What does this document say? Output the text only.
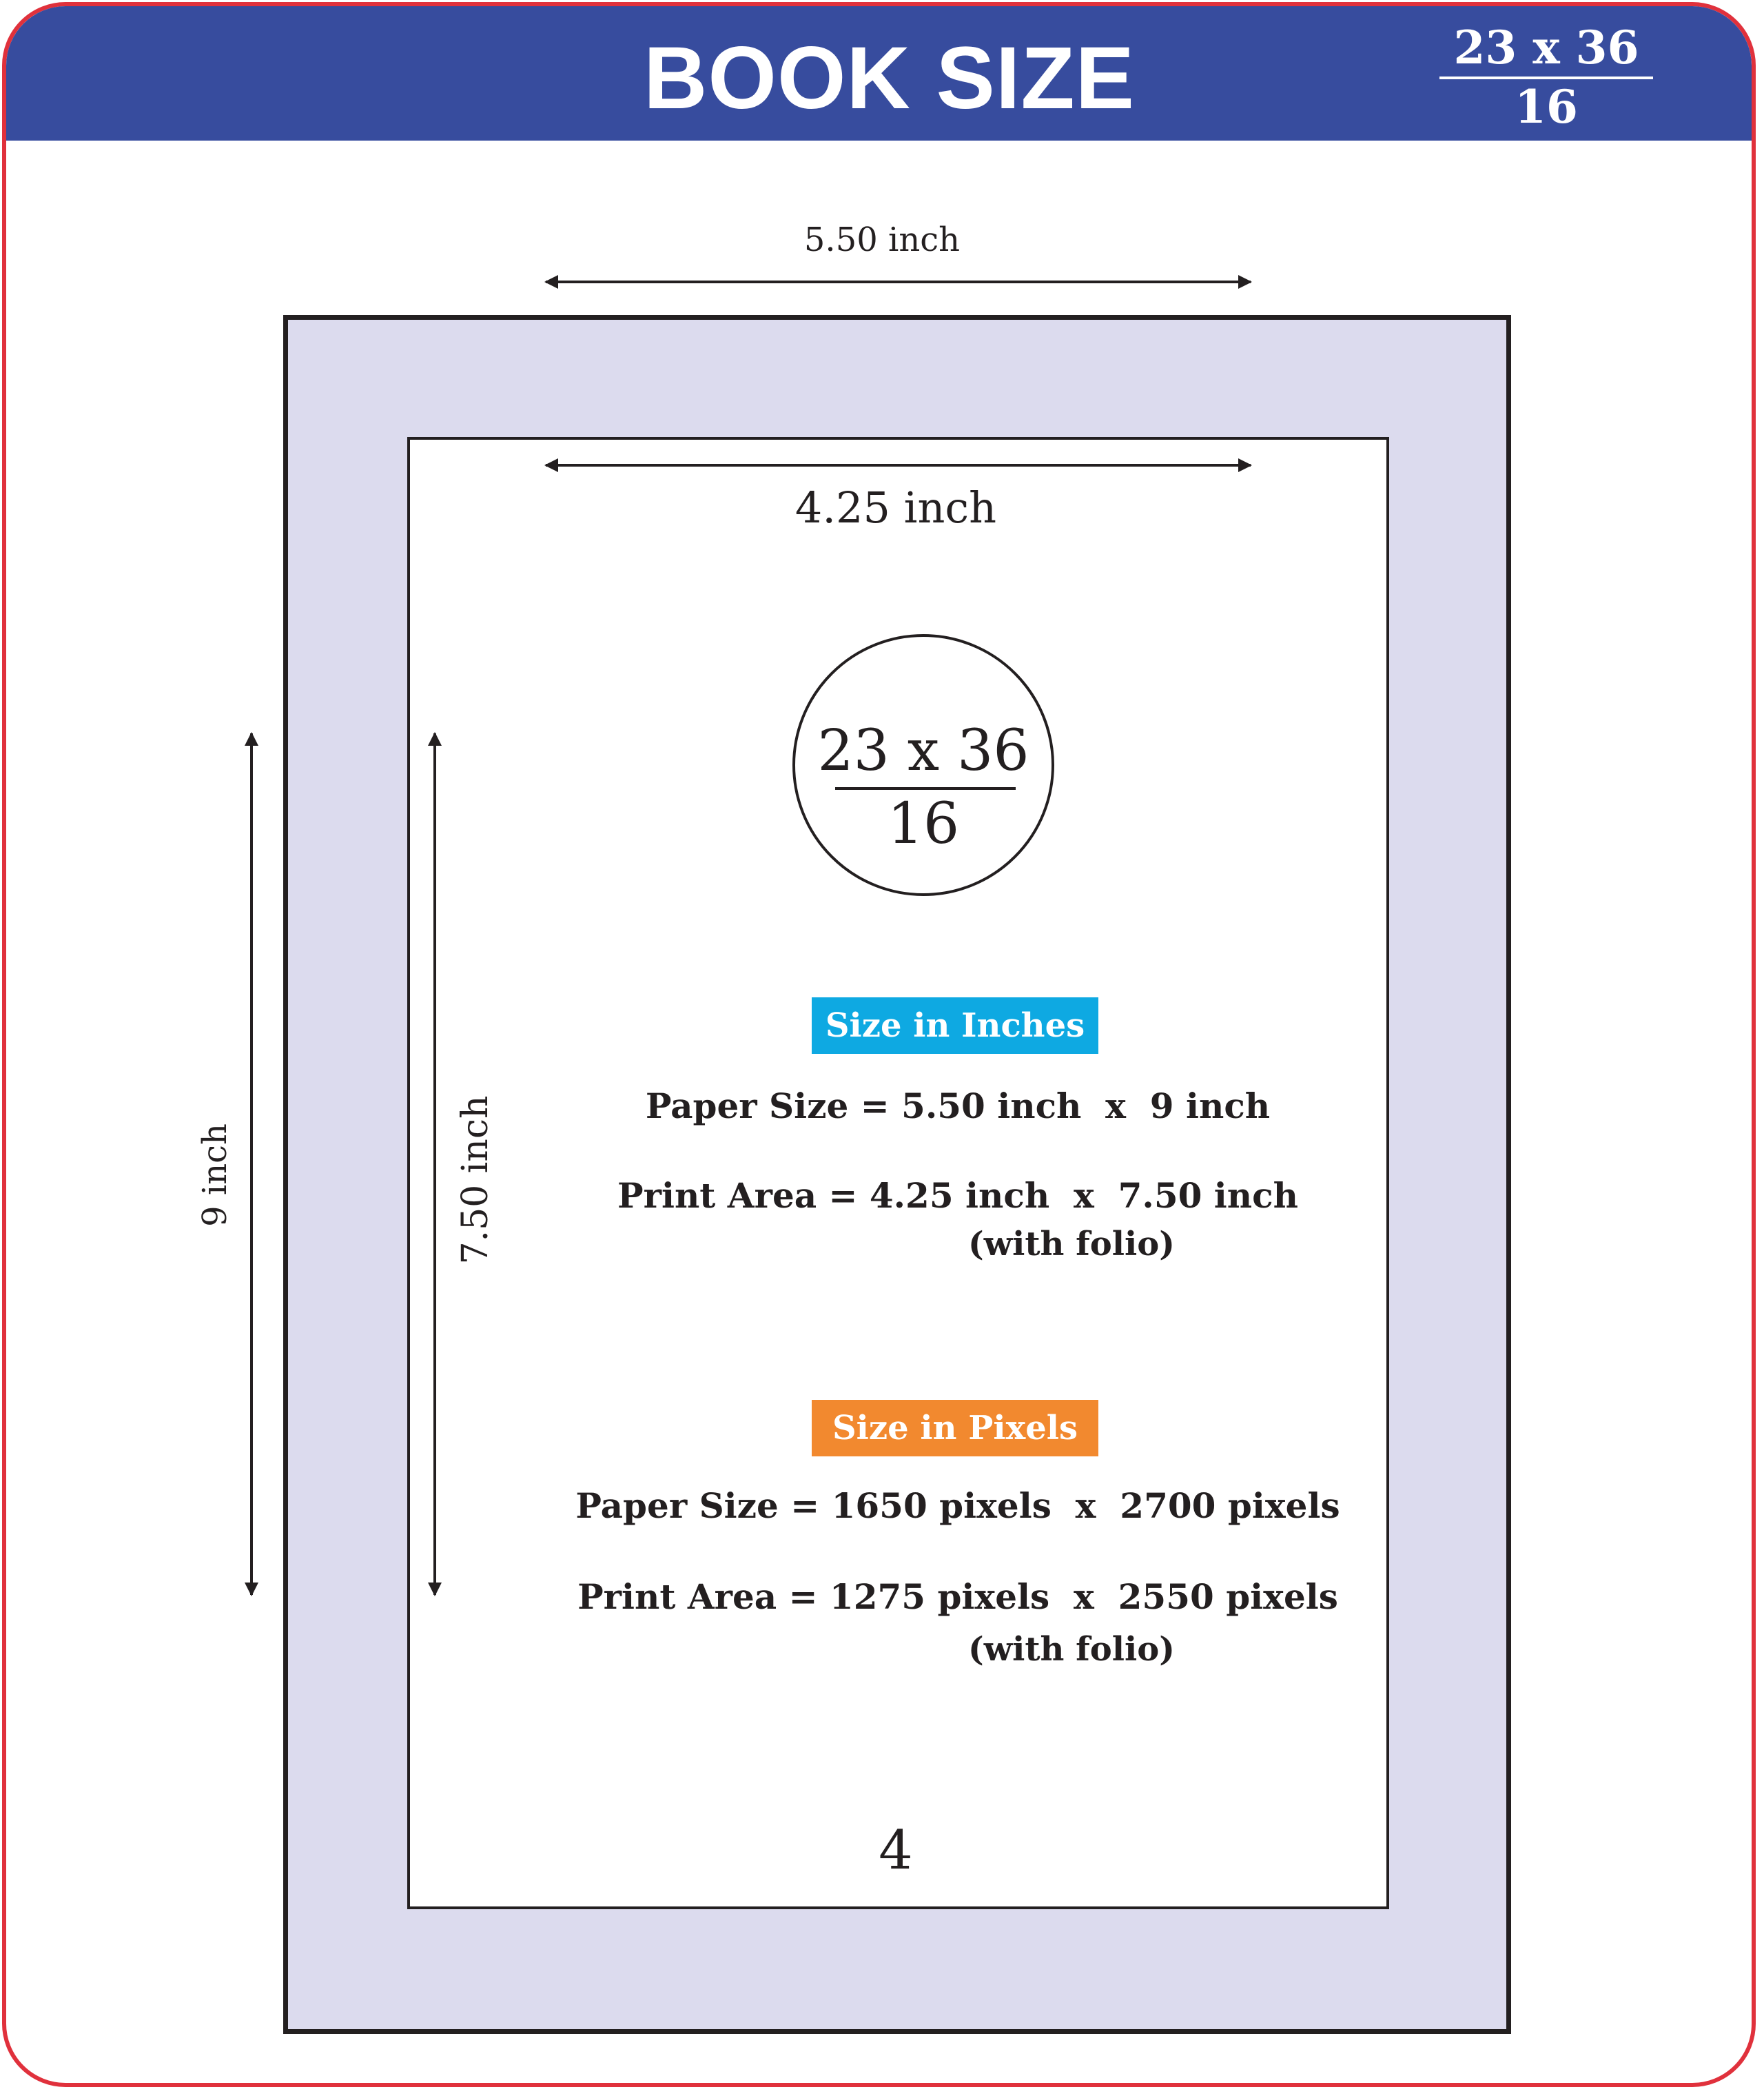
BOOK SIZE	$\frac{23 x 36}{16}$
5.50 inch
4.25 inch
9 inch	7.50 inch
23 x 36
16
Size in Inches
Paper Size = 5.50 inch  x  9 inch
Print Area = 4.25 inch  x  7.50 inch
(with folio)
Size in Pixels
Paper Size = 1650 pixels  x  2700 pixels
Print Area = 1275 pixels  x  2550 pixels
(with folio)
4
